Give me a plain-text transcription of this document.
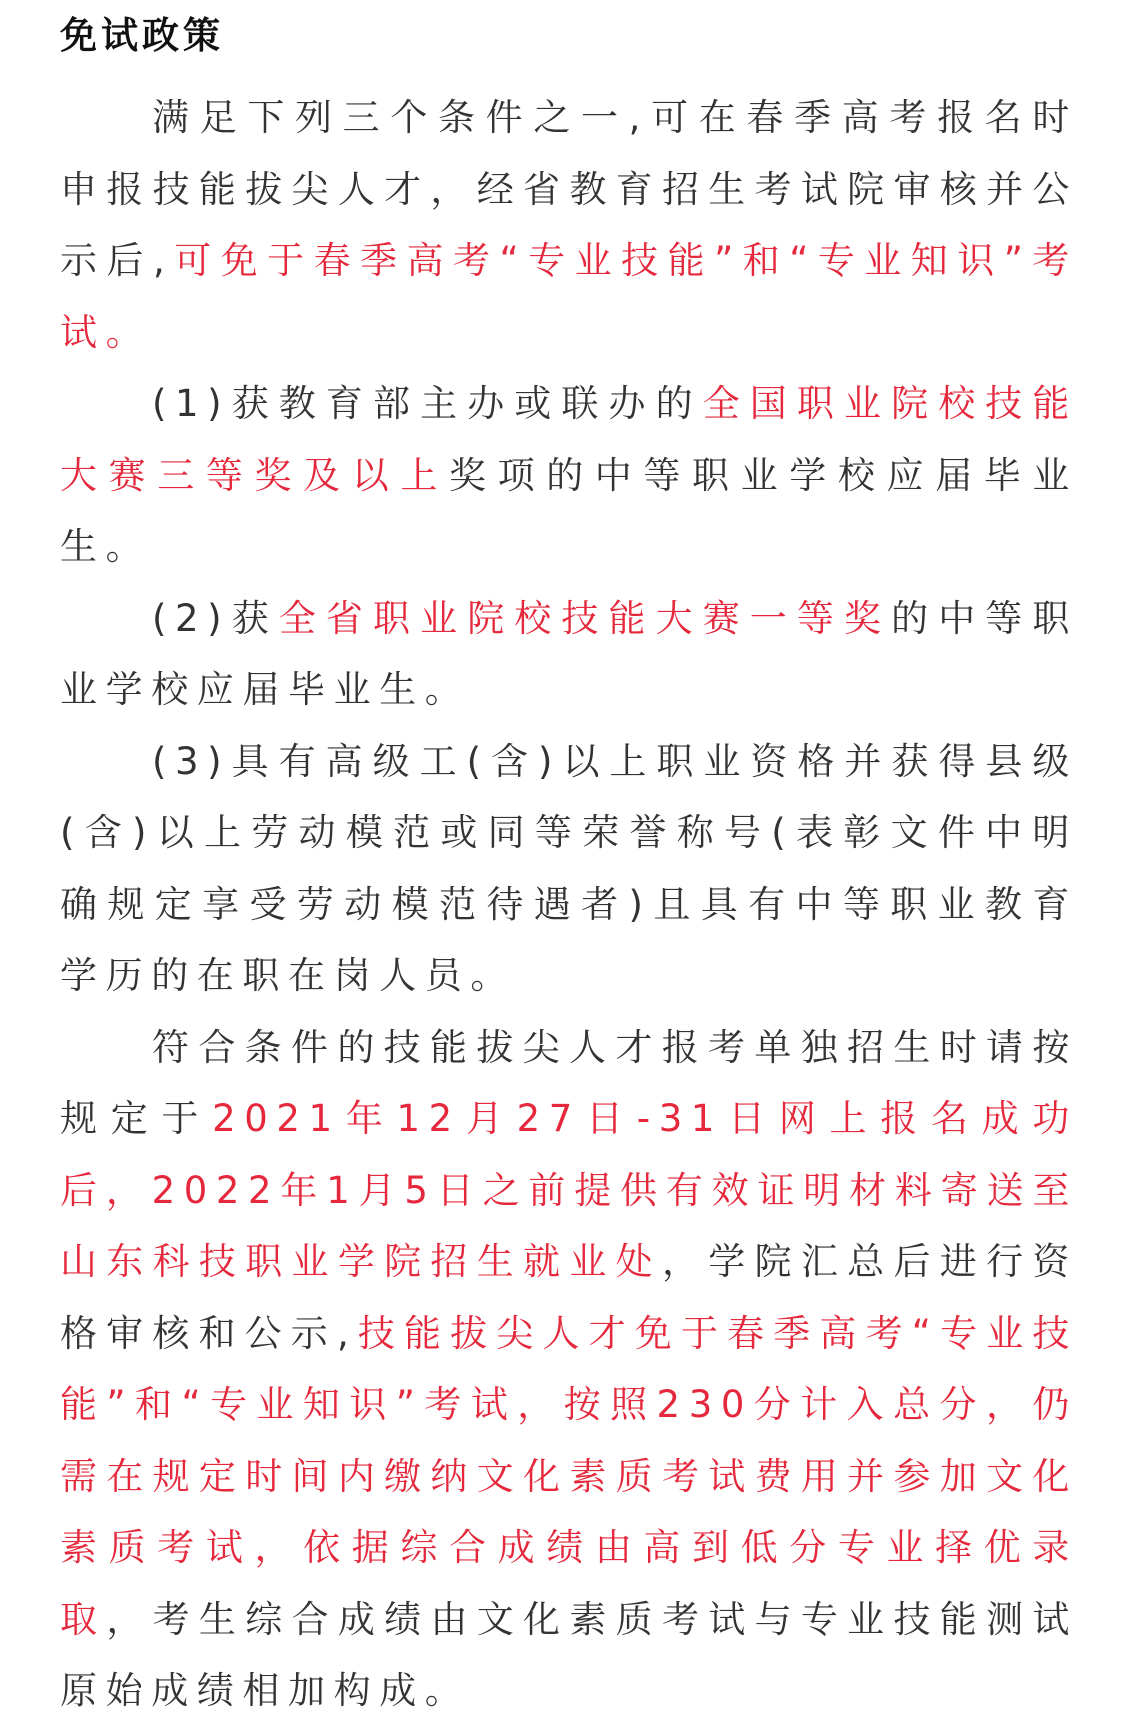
免试政策

满足下列三个条件之一,可在春季高考报名时申报技能拔尖人才，经省教育招生考试院审核并公示后,可免于春季高考“专业技能”和“专业知识”考试。

(1)获教育部主办或联办的全国职业院校技能大赛三等奖及以上奖项的中等职业学校应届毕业生。

(2)获全省职业院校技能大赛一等奖的中等职业学校应届毕业生。

(3)具有高级工(含)以上职业资格并获得县级(含)以上劳动模范或同等荣誉称号(表彰文件中明确规定享受劳动模范待遇者)且具有中等职业教育学历的在职在岗人员。

符合条件的技能拔尖人才报考单独招生时请按规定于2021年12月27日-31日网上报名成功后，2022年1月5日之前提供有效证明材料寄送至山东科技职业学院招生就业处，学院汇总后进行资格审核和公示,技能拔尖人才免于春季高考“专业技能”和“专业知识”考试，按照230分计入总分，仍需在规定时间内缴纳文化素质考试费用并参加文化素质考试，依据综合成绩由高到低分专业择优录取，考生综合成绩由文化素质考试与专业技能测试原始成绩相加构成。
